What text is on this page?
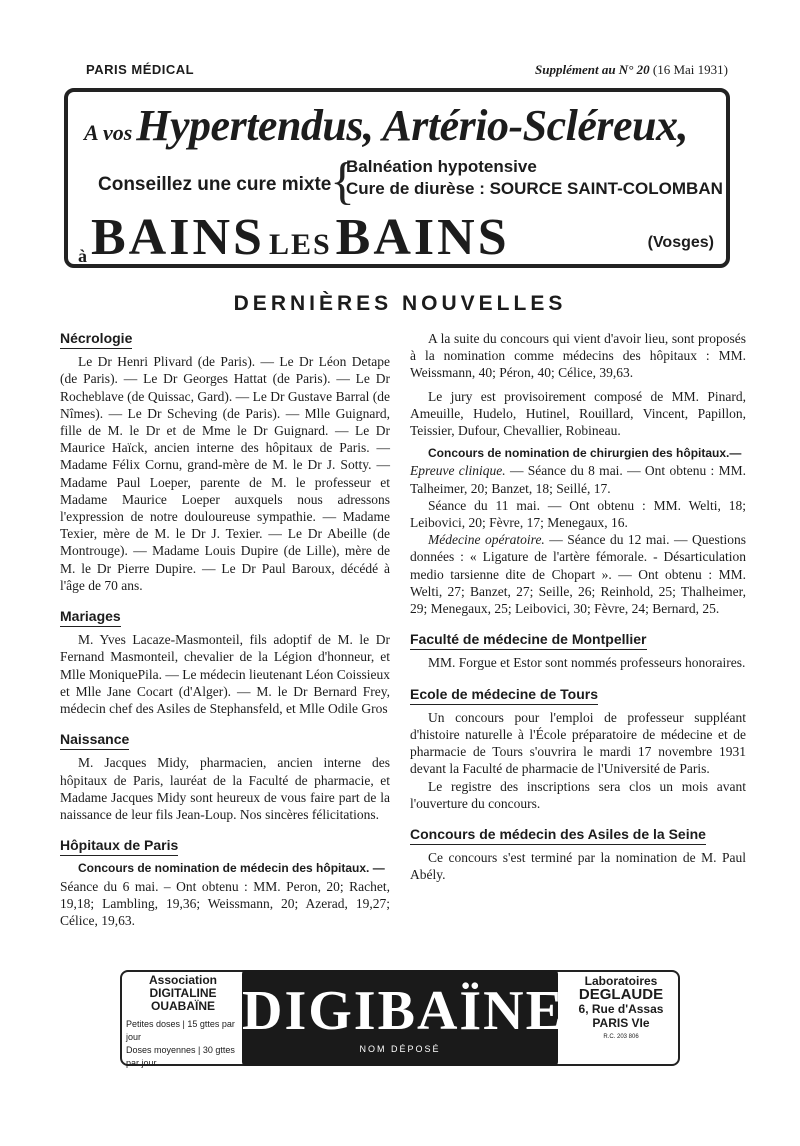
PARIS MÉDICAL	Supplément au N° 20 (16 Mai 1931)
A vos Hypertendus, Artério-Scléreux,
Conseillez une cure mixte
{
Balnéation hypotensive
Cure de diurèse : SOURCE SAINT-COLOMBAN
à BAINS LES BAINS	(Vosges)
DERNIÈRES NOUVELLES
Nécrologie

Le Dr Henri Plivard (de Paris). — Le Dr Léon Detape (de Paris). — Le Dr Georges Hattat (de Paris). — Le Dr Rocheblave (de Quissac, Gard). — Le Dr Gustave Barral (de Nîmes). — Le Dr Scheving (de Paris). — Mlle Guignard, fille de M. le Dr et de Mme le Dr Guignard. — Le Dr Maurice Haïck, ancien interne des hôpitaux de Paris. — Madame Félix Cornu, grand-mère de M. le Dr J. Sotty. — Madame Paul Loeper, parente de M. le professeur et Madame Maurice Loeper auxquels nous adressons l'expression de notre douloureuse sympathie. — Madame Texier, mère de M. le Dr J. Texier. — Le Dr Abeille (de Montrouge). — Madame Louis Dupire (de Lille), mère de M. le Dr Pierre Dupire. — Le Dr Paul Baroux, décédé à l'âge de 70 ans.

Mariages

M. Yves Lacaze-Masmonteil, fils adoptif de M. le Dr Fernand Masmonteil, chevalier de la Légion d'honneur, et Mlle MoniquePila. — Le médecin lieutenant Léon Coissieux et Mlle Jane Cocart (d'Alger). — M. le Dr Bernard Frey, médecin chef des Asiles de Stephansfeld, et Mlle Odile Gros

Naissance

M. Jacques Midy, pharmacien, ancien interne des hôpitaux de Paris, lauréat de la Faculté de pharmacie, et Madame Jacques Midy sont heureux de vous faire part de la naissance de leur fils Jean-Loup. Nos sincères félicitations.

Hôpitaux de Paris
Concours de nomination de médecin des hôpitaux. —

Séance du 6 mai. – Ont obtenu : MM. Peron, 20; Rachet, 19,18; Lambling, 19,36; Weissmann, 20; Azerad, 19,27; Célice, 19,63.

A la suite du concours qui vient d'avoir lieu, sont proposés à la nomination comme médecins des hôpitaux : MM. Weissmann, 40; Péron, 40; Célice, 39,63.

Le jury est provisoirement composé de MM. Pinard, Ameuille, Hudelo, Hutinel, Rouillard, Vincent, Papillon, Teissier, Dufour, Chevallier, Robineau.

Concours de nomination de chirurgien des hôpitaux.—

Epreuve clinique. — Séance du 8 mai. — Ont obtenu : MM. Talheimer, 20; Banzet, 18; Seillé, 17.

Séance du 11 mai. — Ont obtenu : MM. Welti, 18; Leibovici, 20; Fèvre, 17; Menegaux, 16.

Médecine opératoire. — Séance du 12 mai. — Questions données : « Ligature de l'artère fémorale. - Désarticulation medio tarsienne dite de Chopart ». — Ont obtenu : MM. Welti, 27; Banzet, 27; Seille, 26; Reinhold, 25; Thalheimer, 29; Menegaux, 25; Leibovici, 30; Fèvre, 24; Bernard, 25.

Faculté de médecine de Montpellier

MM. Forgue et Estor sont nommés professeurs honoraires.

Ecole de médecine de Tours

Un concours pour l'emploi de professeur suppléant d'histoire naturelle à l'École préparatoire de médecine et de pharmacie de Tours s'ouvrira le mardi 17 novembre 1931 devant la Faculté de pharmacie de l'Université de Paris.

Le registre des inscriptions sera clos un mois avant l'ouverture du concours.

Concours de médecin des Asiles de la Seine

Ce concours s'est terminé par la nomination de M. Paul Abély.

Association
DIGITALINE
OUABAÏNE
Petites doses | 15 gttes par jour
Doses moyennes | 30 gttes par jour
DIGIBAÏNE
NOM DÉPOSÉ
Laboratoires
DEGLAUDE
6, Rue d'Assas
PARIS VIe
R.C. 203 806
